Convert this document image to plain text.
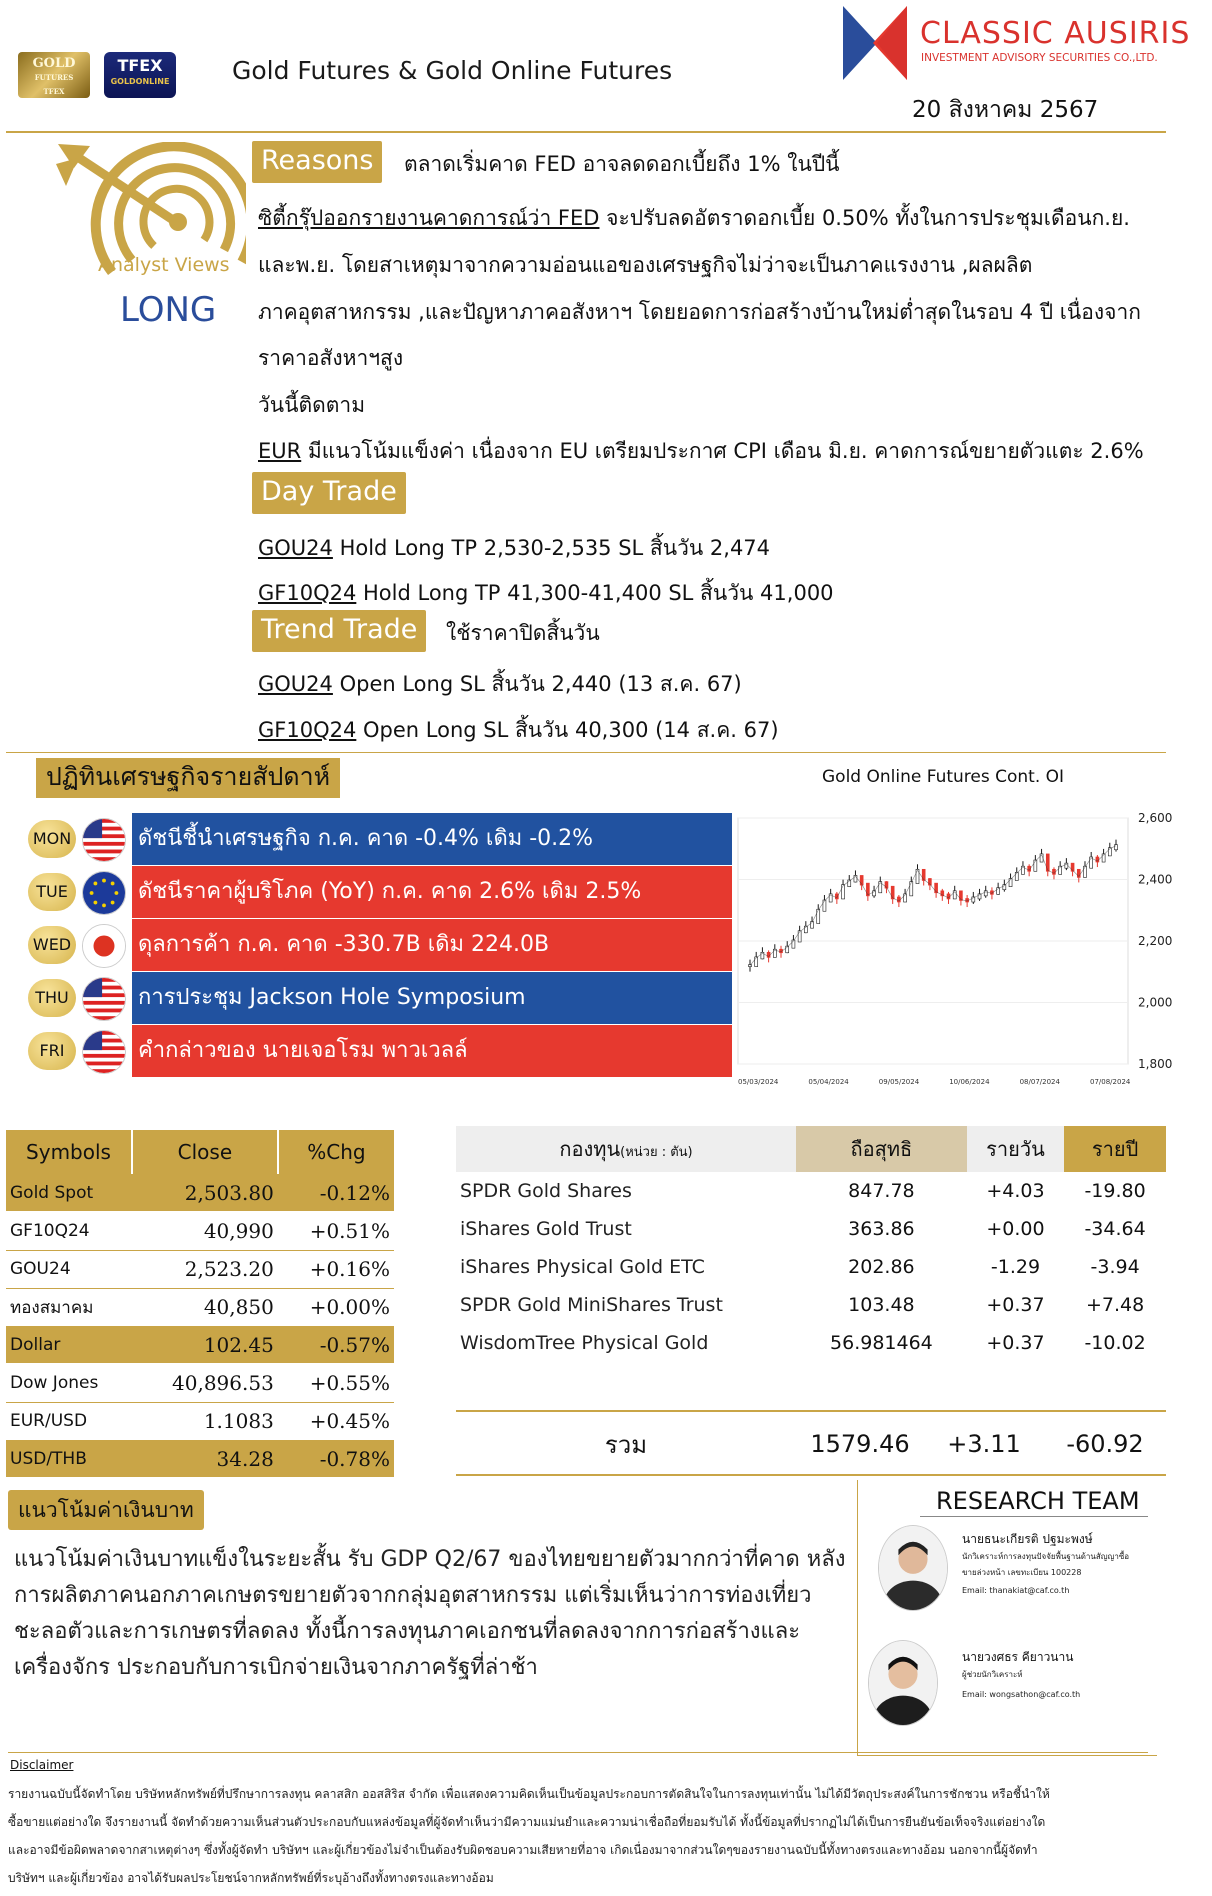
GOLD
FUTURES
TFEX
TFEX
GOLDONLINE	Gold Futures & Gold Online Futures
CLASSIC AUSIRIS
INVESTMENT ADVISORY SECURITIES CO.,LTD.
20 สิงหาคม 2567
Analyst Views
LONG
Reasons	ตลาดเริ่มคาด FED อาจลดดอกเบี้ยถึง 1% ในปีนี้
ซิตี้กรุ๊ปออกรายงานคาดการณ์ว่า FED จะปรับลดอัตราดอกเบี้ย 0.50% ทั้งในการประชุมเดือนก.ย.
และพ.ย. โดยสาเหตุมาจากความอ่อนแอของเศรษฐกิจไม่ว่าจะเป็นภาคแรงงาน ,ผลผลิต
ภาคอุตสาหกรรม ,และปัญหาภาคอสังหาฯ โดยยอดการก่อสร้างบ้านใหม่ต่ำสุดในรอบ 4 ปี เนื่องจาก
ราคาอสังหาฯสูง
วันนี้ติดตาม
EUR มีแนวโน้มแข็งค่า เนื่องจาก EU เตรียมประกาศ CPI เดือน มิ.ย. คาดการณ์ขยายตัวแตะ 2.6%
Day Trade
GOU24 Hold Long TP 2,530-2,535 SL สิ้นวัน 2,474
GF10Q24 Hold Long TP 41,300-41,400 SL สิ้นวัน 41,000
Trend Trade	ใช้ราคาปิดสิ้นวัน
GOU24 Open Long SL สิ้นวัน 2,440 (13 ส.ค. 67)
GF10Q24 Open Long SL สิ้นวัน 40,300 (14 ส.ค. 67)
ปฏิทินเศรษฐกิจรายสัปดาห์
MON	ดัชนีชี้นำเศรษฐกิจ ก.ค. คาด -0.4% เดิม -0.2%
TUE	ดัชนีราคาผู้บริโภค (YoY) ก.ค. คาด 2.6% เดิม 2.5%
WED	ดุลการค้า ก.ค. คาด -330.7B เดิม 224.0B
THU	การประชุม Jackson Hole Symposium
FRI	คำกล่าวของ นายเจอโรม พาวเวลล์
Gold Online Futures Cont. OI
1,800
2,000
2,200
2,400
2,600
05/03/2024	05/04/2024	09/05/2024	10/06/2024	08/07/2024	07/08/2024
Symbols	Close	%Chg
Gold Spot	2,503.80	-0.12%
GF10Q24	40,990	+0.51%
GOU24	2,523.20	+0.16%
ทองสมาคม	40,850	+0.00%
Dollar	102.45	-0.57%
Dow Jones	40,896.53	+0.55%
EUR/USD	1.1083	+0.45%
USD/THB	34.28	-0.78%
กองทุน(หน่วย : ตัน)	ถือสุทธิ	รายวัน	รายปี
SPDR Gold Shares	847.78	+4.03	-19.80
iShares Gold Trust	363.86	+0.00	-34.64
iShares Physical Gold ETC	202.86	-1.29	-3.94
SPDR Gold MiniShares Trust	103.48	+0.37	+7.48
WisdomTree Physical Gold	56.981464	+0.37	-10.02
รวม	1579.46	+3.11	-60.92
แนวโน้มค่าเงินบาท
แนวโน้มค่าเงินบาทแข็งในระยะสั้น รับ GDP Q2/67 ของไทยขยายตัวมากกว่าที่คาด หลัง
การผลิตภาคนอกภาคเกษตรขยายตัวจากกลุ่มอุตสาหกรรม แต่เริ่มเห็นว่าการท่องเที่ยว
ชะลอตัวและการเกษตรที่ลดลง ทั้งนี้การลงทุนภาคเอกชนที่ลดลงจากการก่อสร้างและ
เครื่องจักร ประกอบกับการเบิกจ่ายเงินจากภาครัฐที่ล่าช้า
RESEARCH TEAM
นายธนะเกียรติ ปฐมะพงษ์
นักวิเคราะห์การลงทุนปัจจัยพื้นฐานด้านสัญญาซื้อ
ขายล่วงหน้า เลขทะเบียน 100228
Email: thanakiat@caf.co.th
นายวงศธร คียาวนาน
ผู้ช่วยนักวิเคราะห์
Email: wongsathon@caf.co.th
Disclaimer
รายงานฉบับนี้จัดทำโดย บริษัทหลักทรัพย์ที่ปรึกษาการลงทุน คลาสสิก ออสสิริส จำกัด เพื่อแสดงความคิดเห็นเป็นข้อมูลประกอบการตัดสินใจในการลงทุนเท่านั้น ไม่ได้มีวัตถุประสงค์ในการชักชวน หรือชี้นำให้
ซื้อขายแต่อย่างใด จึงรายงานนี้ จัดทำด้วยความเห็นส่วนตัวประกอบกับแหล่งข้อมูลที่ผู้จัดทำเห็นว่ามีความแม่นยำและความน่าเชื่อถือที่ยอมรับได้ ทั้งนี้ข้อมูลที่ปรากฏไม่ได้เป็นการยืนยันข้อเท็จจริงแต่อย่างใด
และอาจมีข้อผิดพลาดจากสาเหตุต่างๆ ซึ่งทั้งผู้จัดทำ บริษัทฯ และผู้เกี่ยวข้องไม่จำเป็นต้องรับผิดชอบความเสียหายที่อาจ เกิดเนื่องมาจากส่วนใดๆของรายงานฉบับนี้ทั้งทางตรงและทางอ้อม นอกจากนี้ผู้จัดทำ
บริษัทฯ และผู้เกี่ยวข้อง อาจได้รับผลประโยชน์จากหลักทรัพย์ที่ระบุอ้างถึงทั้งทางตรงและทางอ้อม
